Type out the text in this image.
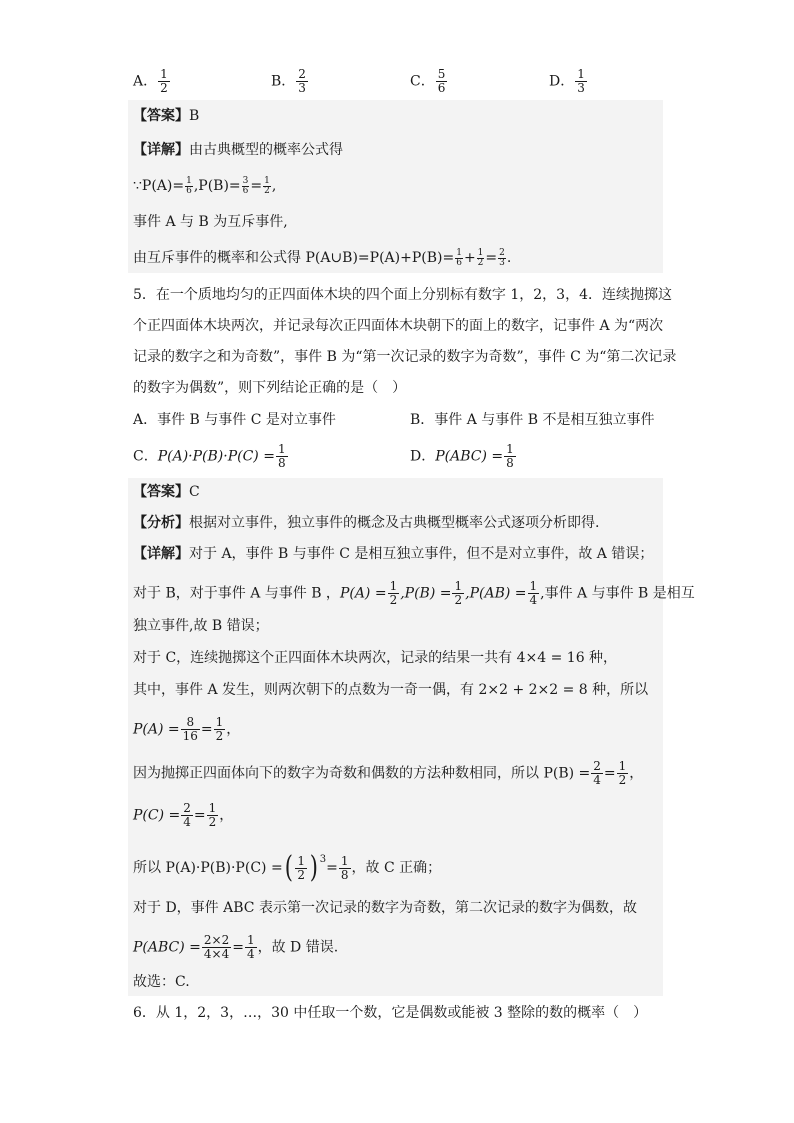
A． $\frac{1}{2}$	B． $\frac{2}{3}$	C． $\frac{5}{6}$	D． $\frac{1}{3}$
【答案】B
【详解】由古典概型的概率公式得
∵P(A)= $\frac{1}{6} ,P(B)= \frac{3}{6} = \frac{1}{2}$ ,
事件 A 与 B 为互斥事件,
由互斥事件的概率和公式得 P(A∪B)=P(A)+P(B)= $\frac{1}{6} + \frac{1}{2} = \frac{2}{3}$ .
5．在一个质地均匀的正四面体木块的四个面上分别标有数字 1，2，3，4．连续抛掷这
个正四面体木块两次，并记录每次正四面体木块朝下的面上的数字，记事件 A 为“两次
记录的数字之和为奇数”，事件 B 为“第一次记录的数字为奇数”，事件 C 为“第二次记录
的数字为偶数”，则下列结论正确的是（　）
A．事件 B 与事件 C 是对立事件	B．事件 A 与事件 B 不是相互独立事件
C．$P(A)\cdot P(B)\cdot P(C) = \frac{1}{8}$	D．$P(ABC) = \frac{1}{8}$
【答案】C
【分析】根据对立事件，独立事件的概念及古典概型概率公式逐项分析即得.
【详解】对于 A，事件 B 与事件 C 是相互独立事件，但不是对立事件，故 A 错误；
对于 B，对于事件 A 与事件 B ，$P(A) = \frac{1}{2} ,P(B) = \frac{1}{2} ,P(AB) = \frac{1}{4}$ ,事件 A 与事件 B 是相互
独立事件,故 B 错误；
对于 C，连续抛掷这个正四面体木块两次，记录的结果一共有 4×4 = 16 种，
其中，事件 A 发生，则两次朝下的点数为一奇一偶，有 2×2 + 2×2 = 8 种，所以
$P(A) = \frac{8}{16} = \frac{1}{2}$ ，
因为抛掷正四面体向下的数字为奇数和偶数的方法种数相同，所以 $P(B) = \frac{2}{4} = \frac{1}{2}$ ，
$P(C) = \frac{2}{4} = \frac{1}{2}$ ，
所以 P(A)·P(B)·P(C) =( $\frac{1}{2}$ ) $^3= \frac{1}{8}$ ，故 C 正确；
对于 D，事件 ABC 表示第一次记录的数字为奇数，第二次记录的数字为偶数，故
$P(ABC) = \frac{2\times 2}{4\times 4} = \frac{1}{4}$ ，故 D 错误.
故选：C.
6．从 1，2，3，…，30 中任取一个数，它是偶数或能被 3 整除的数的概率（　）
